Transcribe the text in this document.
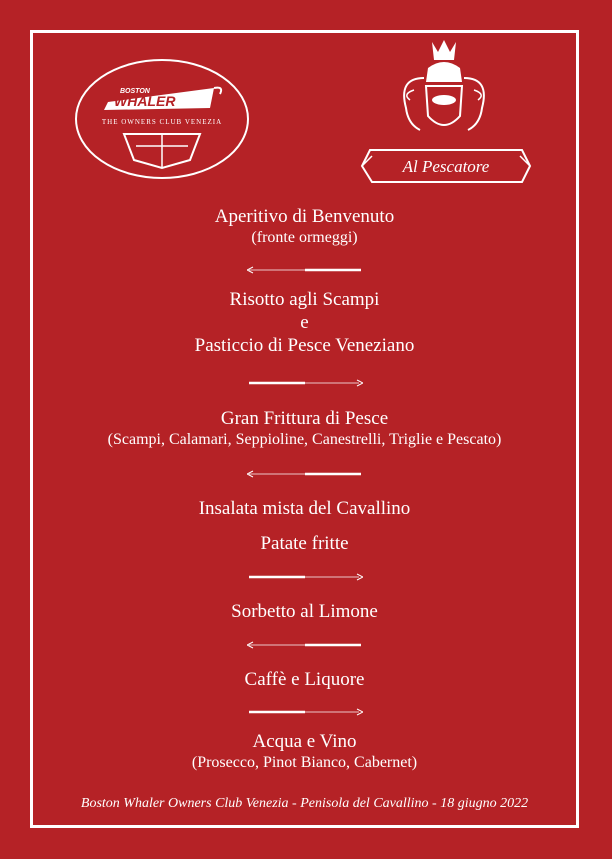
BOSTON
WHALER
THE OWNERS CLUB VENEZIA
Al Pescatore

Aperitivo di Benvenuto

(fronte ormeggi)

Risotto agli Scampi

e

Pasticcio di Pesce Veneziano

Gran Frittura di Pesce

(Scampi, Calamari, Seppioline, Canestrelli, Triglie e Pescato)

Insalata mista del Cavallino

Patate fritte

Sorbetto al Limone

Caffè e Liquore

Acqua e Vino

(Prosecco, Pinot Bianco, Cabernet)

Boston Whaler Owners Club Venezia - Penisola del Cavallino - 18 giugno 2022
